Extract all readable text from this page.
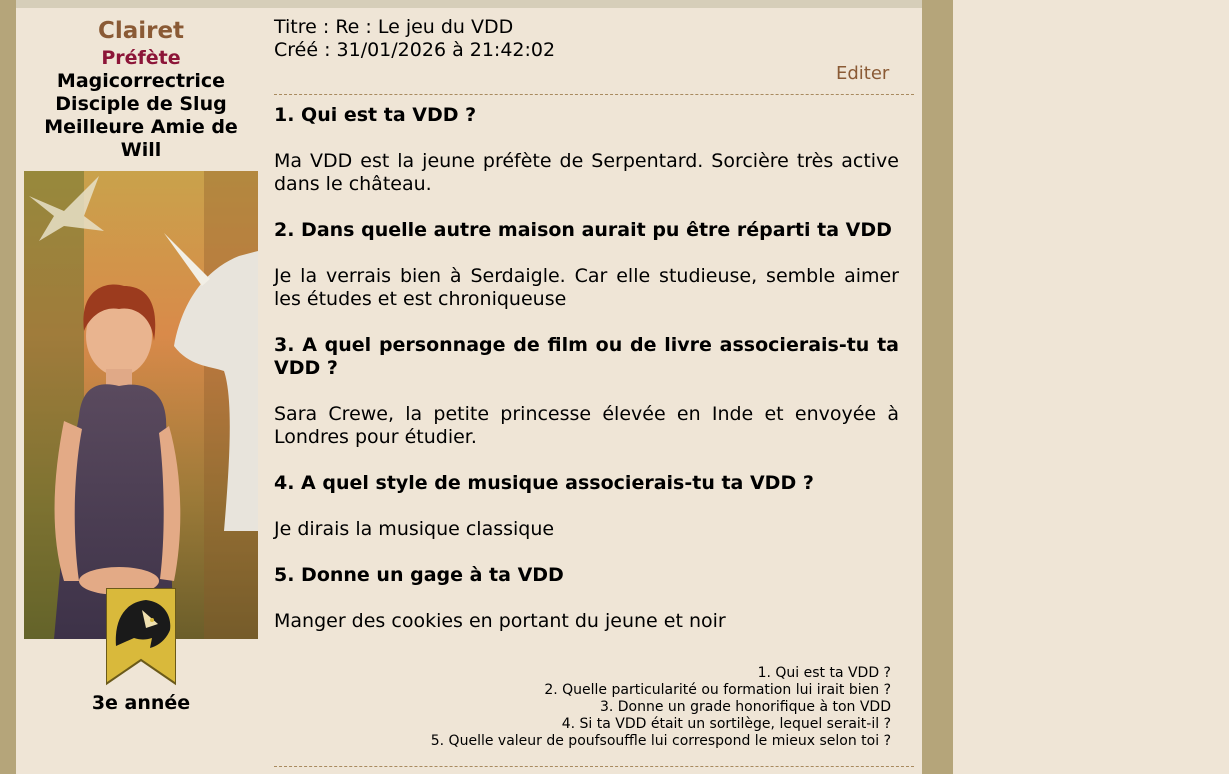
Clairet
Préfète
Magicorrectrice
Disciple de Slug
Meilleure Amie de Will
3e année
Titre : Re : Le jeu du VDD
Créé : 31/01/2026 à 21:42:02
Editer
1. Qui est ta VDD ?
Ma VDD est la jeune préfète de Serpentard. Sorcière très active dans le château.
2. Dans quelle autre maison aurait pu être réparti ta VDD
Je la verrais bien à Serdaigle. Car elle studieuse, semble aimer les études et est chroniqueuse
3. A quel personnage de film ou de livre associerais-tu ta VDD ?
Sara Crewe, la petite princesse élevée en Inde et envoyée à Londres pour étudier.
4. A quel style de musique associerais-tu ta VDD ?
Je dirais la musique classique
5. Donne un gage à ta VDD
Manger des cookies en portant du jeune et noir
1. Qui est ta VDD ?
2. Quelle particularité ou formation lui irait bien ?
3. Donne un grade honorifique à ton VDD
4. Si ta VDD était un sortilège, lequel serait-il ?
5. Quelle valeur de poufsouffle lui correspond le mieux selon toi ?
